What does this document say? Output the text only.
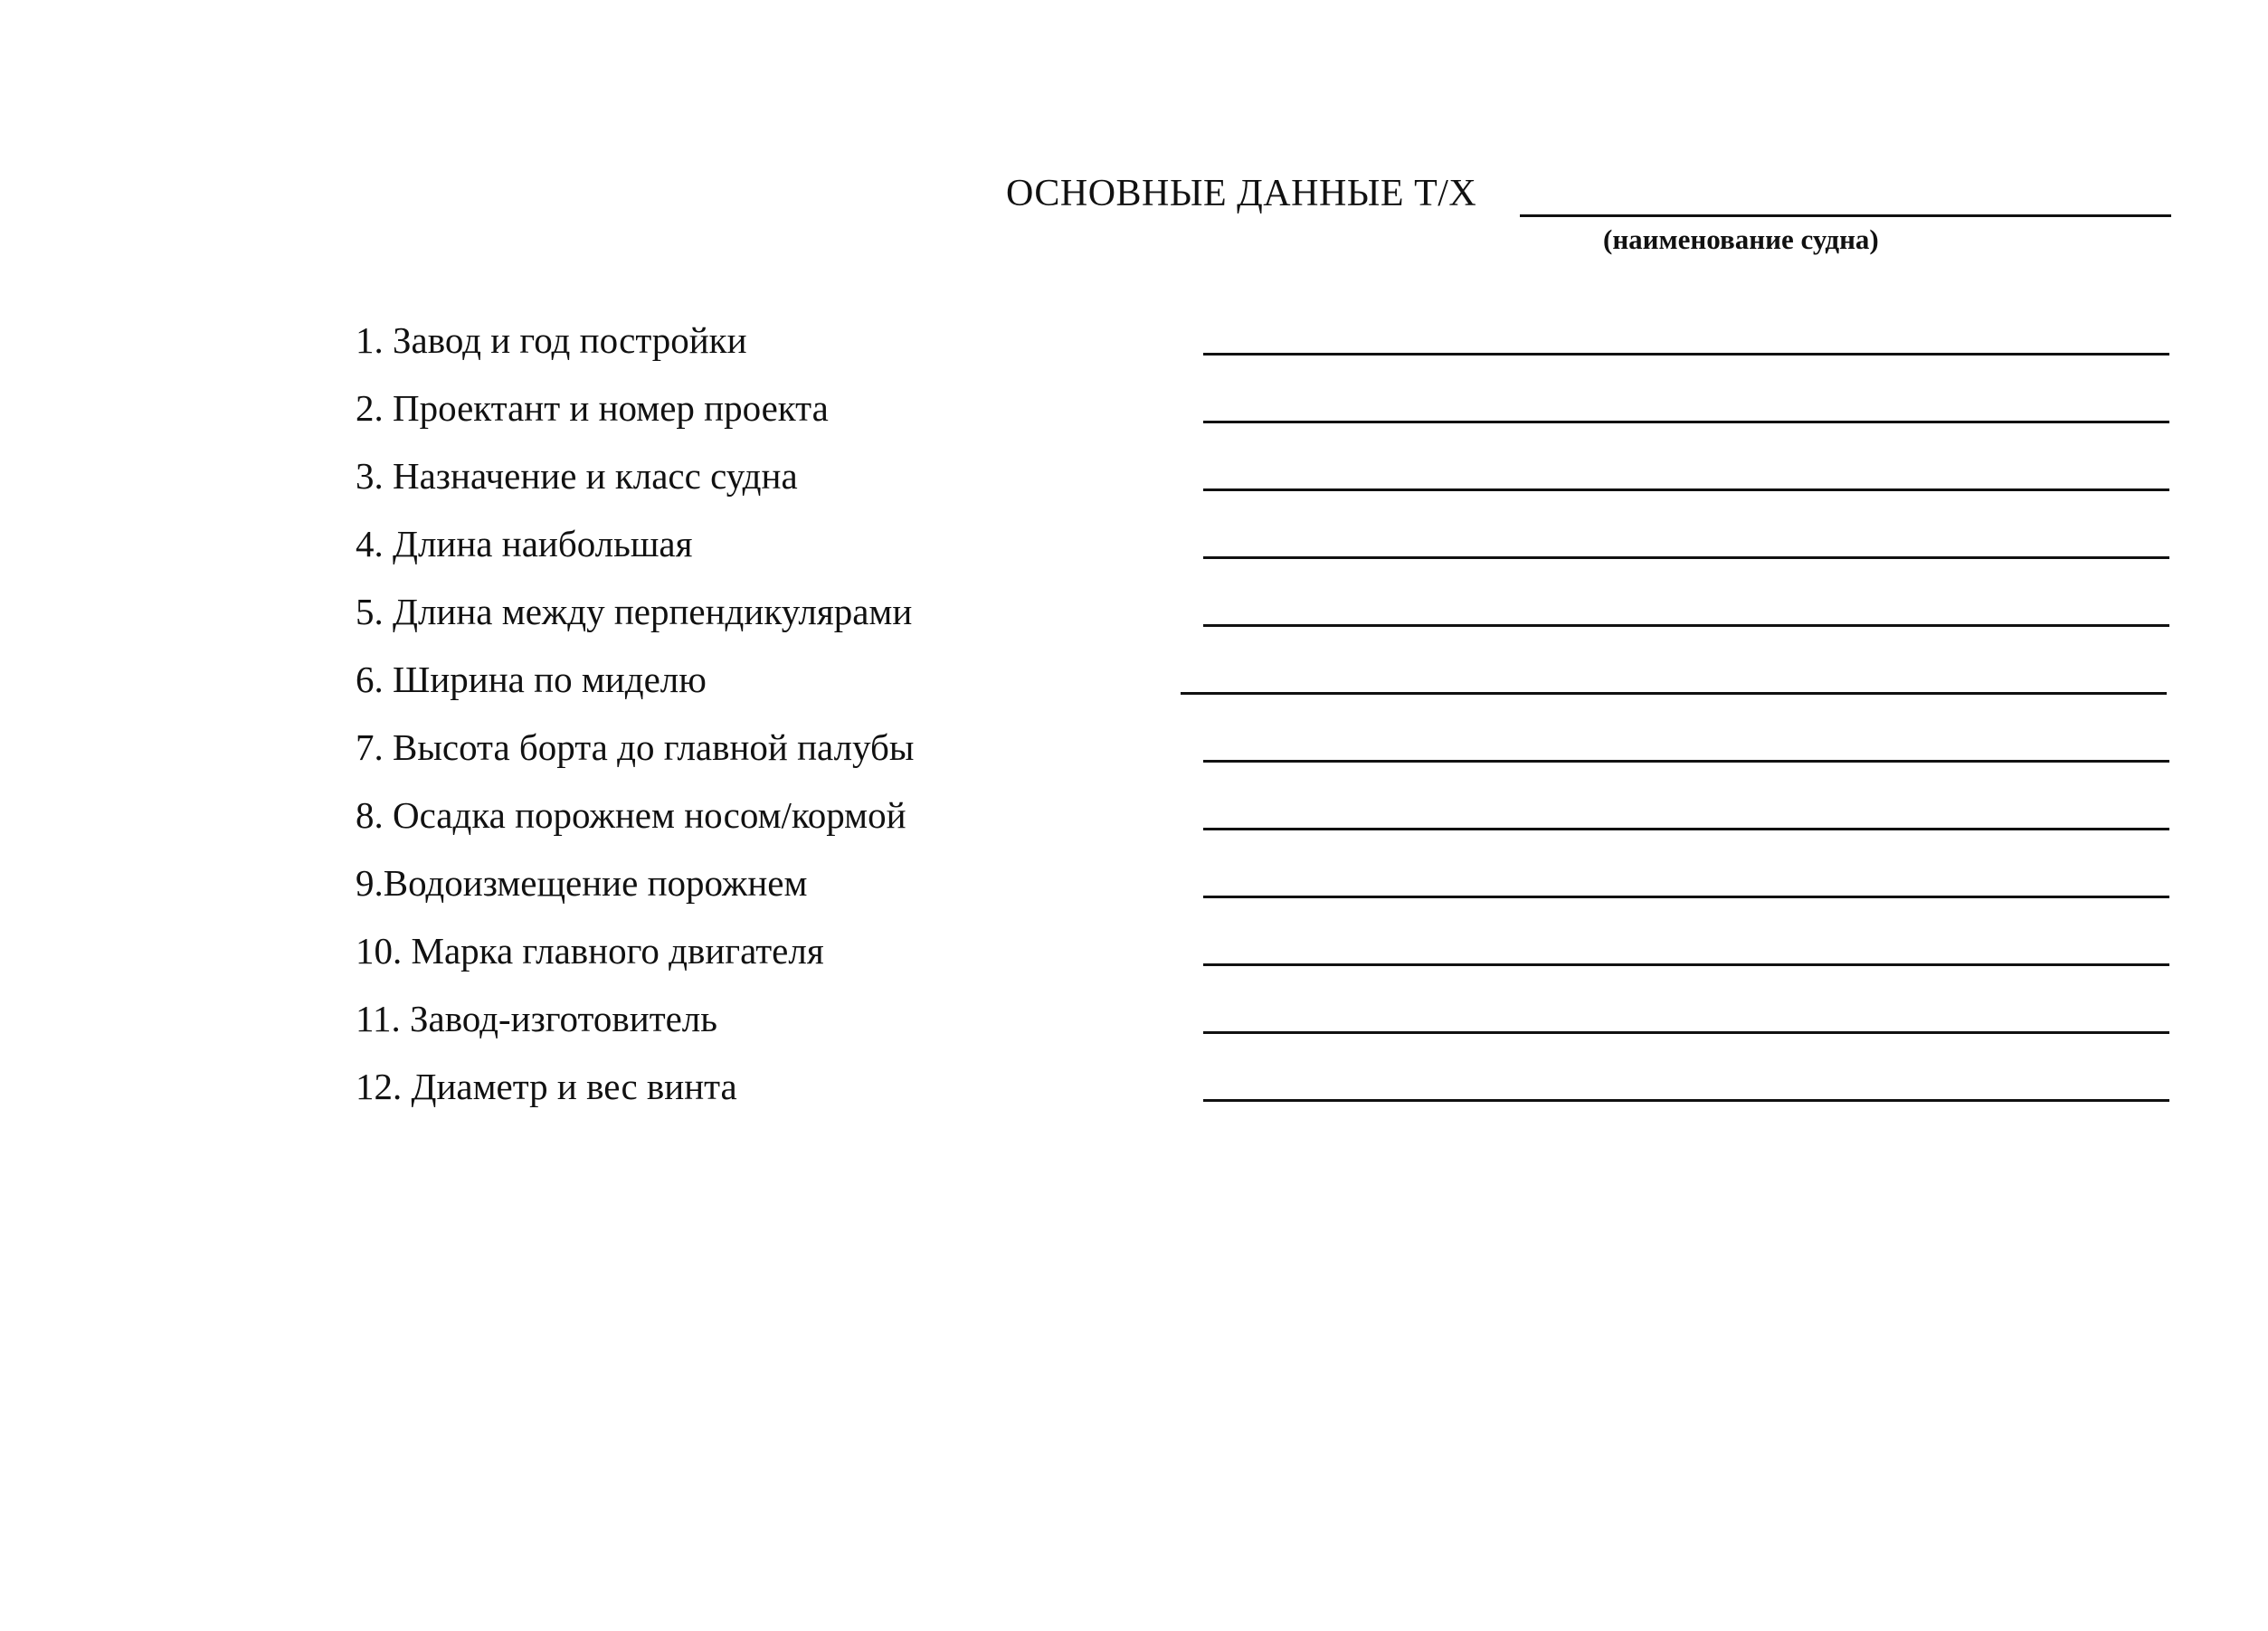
ОСНОВНЫЕ ДАННЫЕ Т/Х
(наименование судна)
1. Завод и год постройки
2. Проектант и номер проекта
3. Назначение и класс судна
4. Длина наибольшая
5. Длина между перпендикулярами
6. Ширина по миделю
7. Высота борта до главной палубы
8. Осадка порожнем носом/кормой
9.Водоизмещение порожнем
10. Марка главного двигателя
11. Завод-изготовитель
12. Диаметр и вес винта
